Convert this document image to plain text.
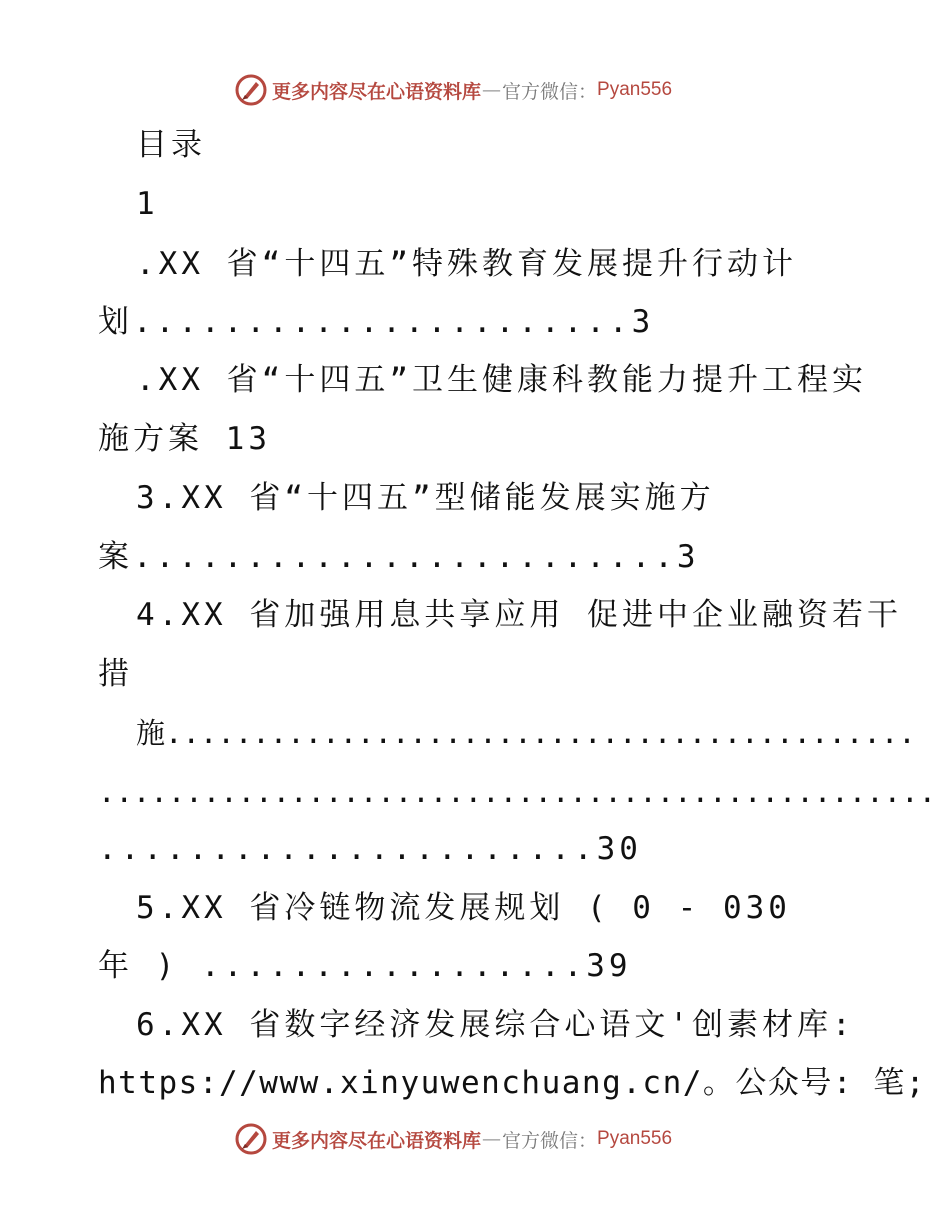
更多内容尽在心语资料库 — 官方微信： Pyan556
目录
1
.XX 省“十四五”特殊教育发展提升行动计
划......................3
.XX 省“十四五”卫生健康科教能力提升工程实
施方案 13
3.XX 省“十四五”型储能发展实施方
案........................3
4.XX 省加强用息共享应用 促进中企业融资若干
措
施...........................................
................................................
......................30
5.XX 省冷链物流发展规划 ( 0 - 030
年 ) .................39
6.XX 省数字经济发展综合心语文'创素材库:
https://www.xinyuwenchuang.cn/。公众号: 笔;
更多内容尽在心语资料库 — 官方微信： Pyan556
